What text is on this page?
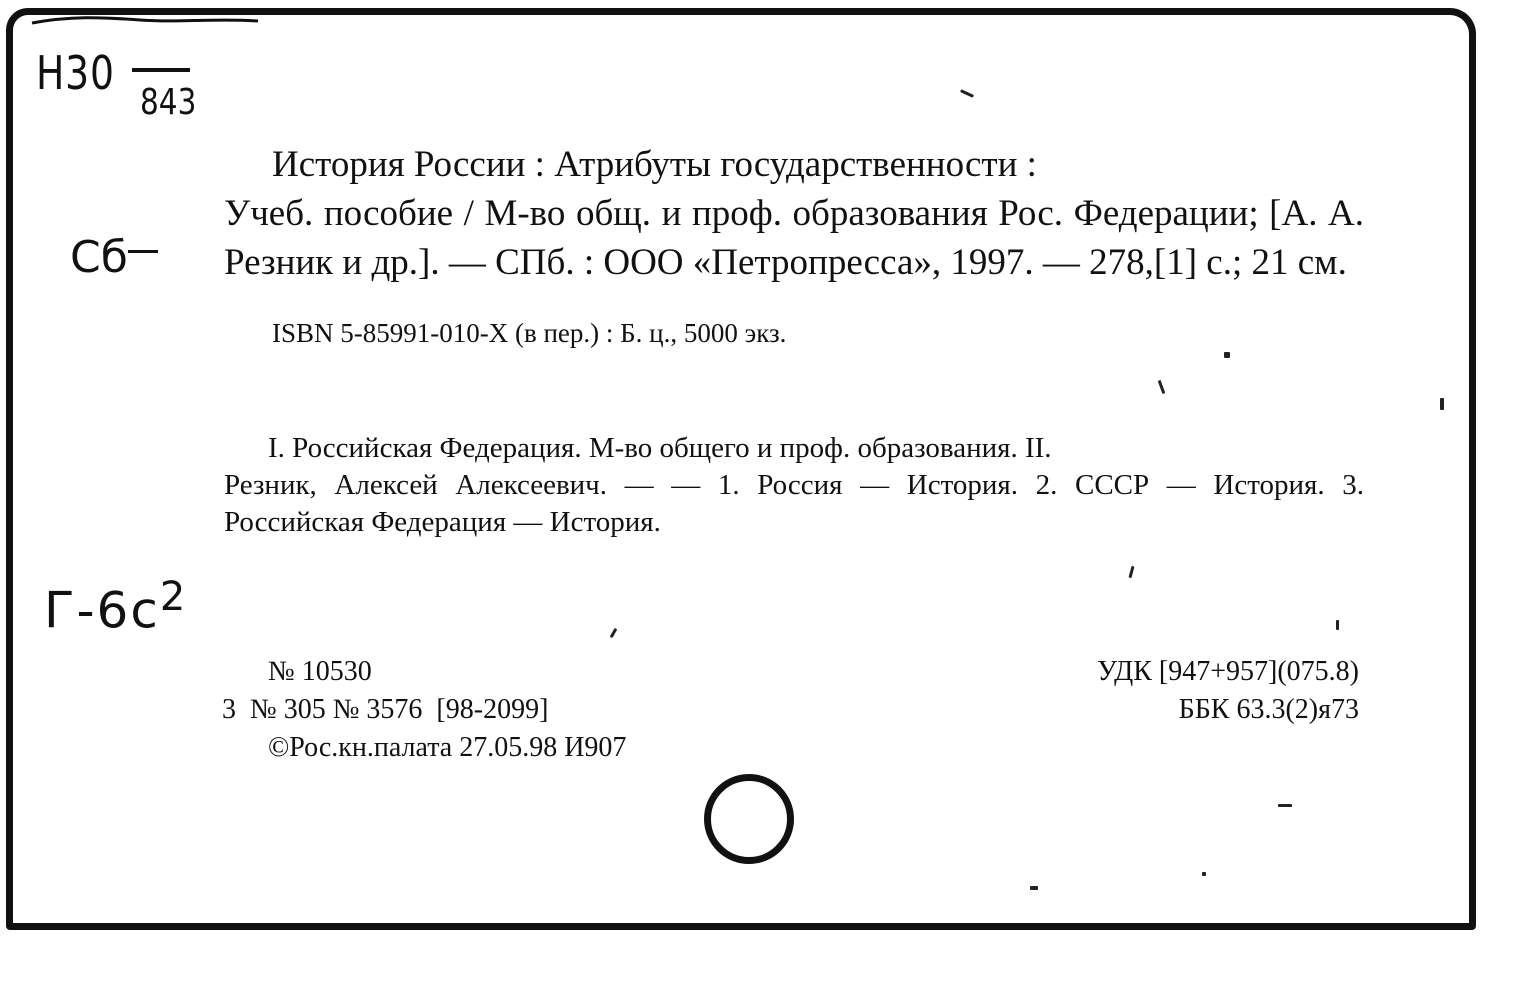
Н30
843
Сб
$Г-6с^2$
История России : Атрибуты государственности :
Учеб. пособие / М-во общ. и проф. образования Рос. Федерации; [А. А. Резник и др.]. — СПб. : ООО «Петропресса», 1997. — 278,[1] с.; 21 см.
ISBN 5-85991-010-X (в пер.) : Б. ц., 5000 экз.
I. Российская Федерация. М-во общего и проф. образования. II.
Резник, Алексей Алексеевич. — — 1. Россия — История. 2. СССР — История. 3. Российская Федерация — История.
№ 10530
3  № 305 № 3576  [98-2099]
©Рос.кн.палата 27.05.98 И907
УДК [947+957](075.8)
ББК 63.3(2)я73
